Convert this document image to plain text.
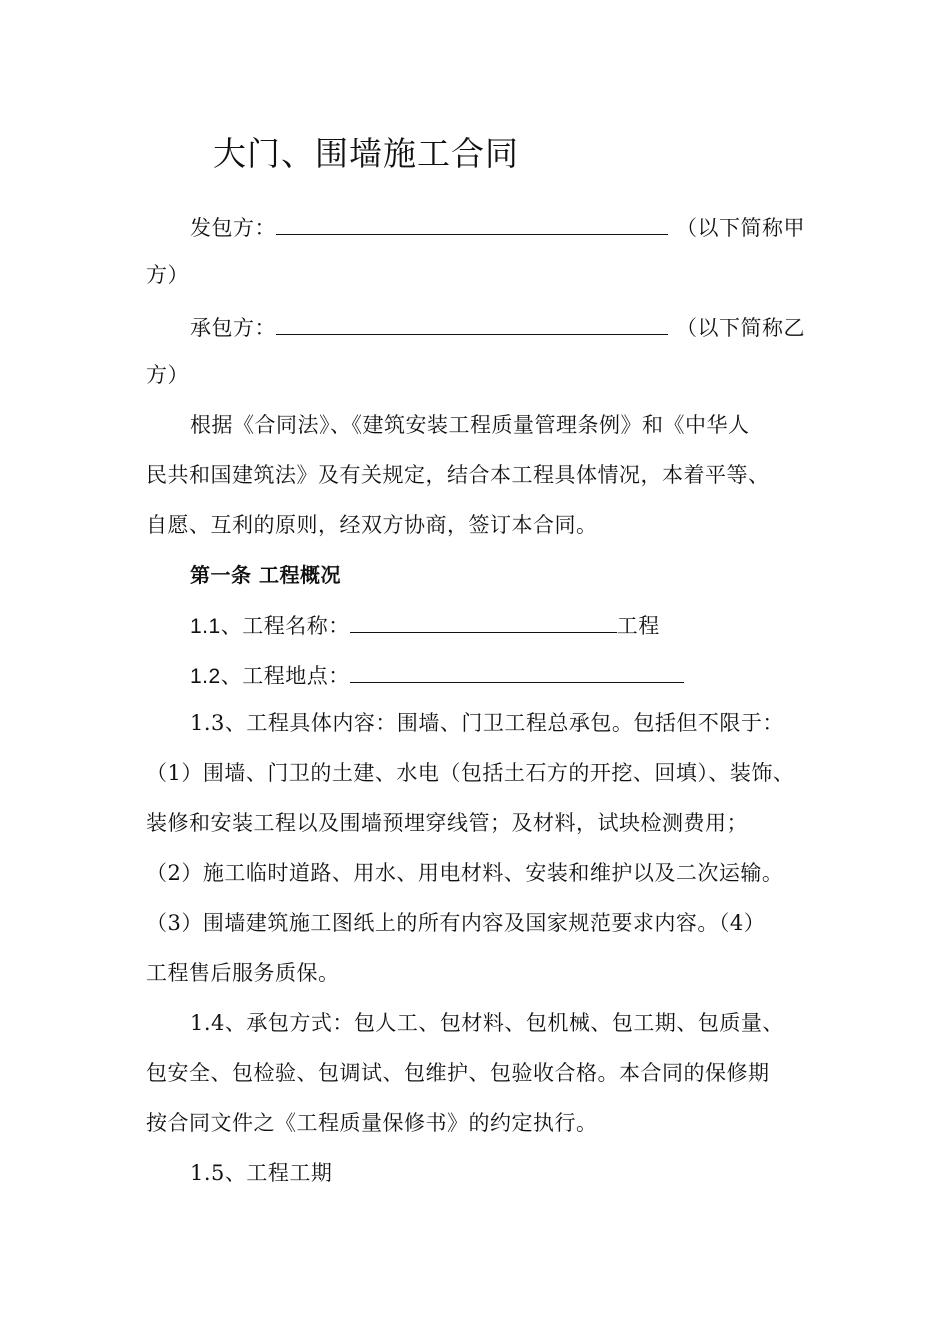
大门、围墙施工合同
发包方：	（以下简称甲
方）
承包方：	（以下简称乙
方）
根据《合同法》、《建筑安装工程质量管理条例》和《中华人
民共和国建筑法》及有关规定，结合本工程具体情况，本着平等、
自愿、互利的原则，经双方协商，签订本合同。
第一条 工程概况
1.1、工程名称：	工程
1.2、工程地点：
1.3、工程具体内容：围墙、门卫工程总承包。包括但不限于：
（1）围墙、门卫的土建、水电（包括土石方的开挖、回填）、装饰、
装修和安装工程以及围墙预埋穿线管；及材料，试块检测费用；
（2）施工临时道路、用水、用电材料、安装和维护以及二次运输。
（3）围墙建筑施工图纸上的所有内容及国家规范要求内容。（4）
工程售后服务质保。
1.4、承包方式：包人工、包材料、包机械、包工期、包质量、
包安全、包检验、包调试、包维护、包验收合格。本合同的保修期
按合同文件之《工程质量保修书》的约定执行。
1.5、工程工期
